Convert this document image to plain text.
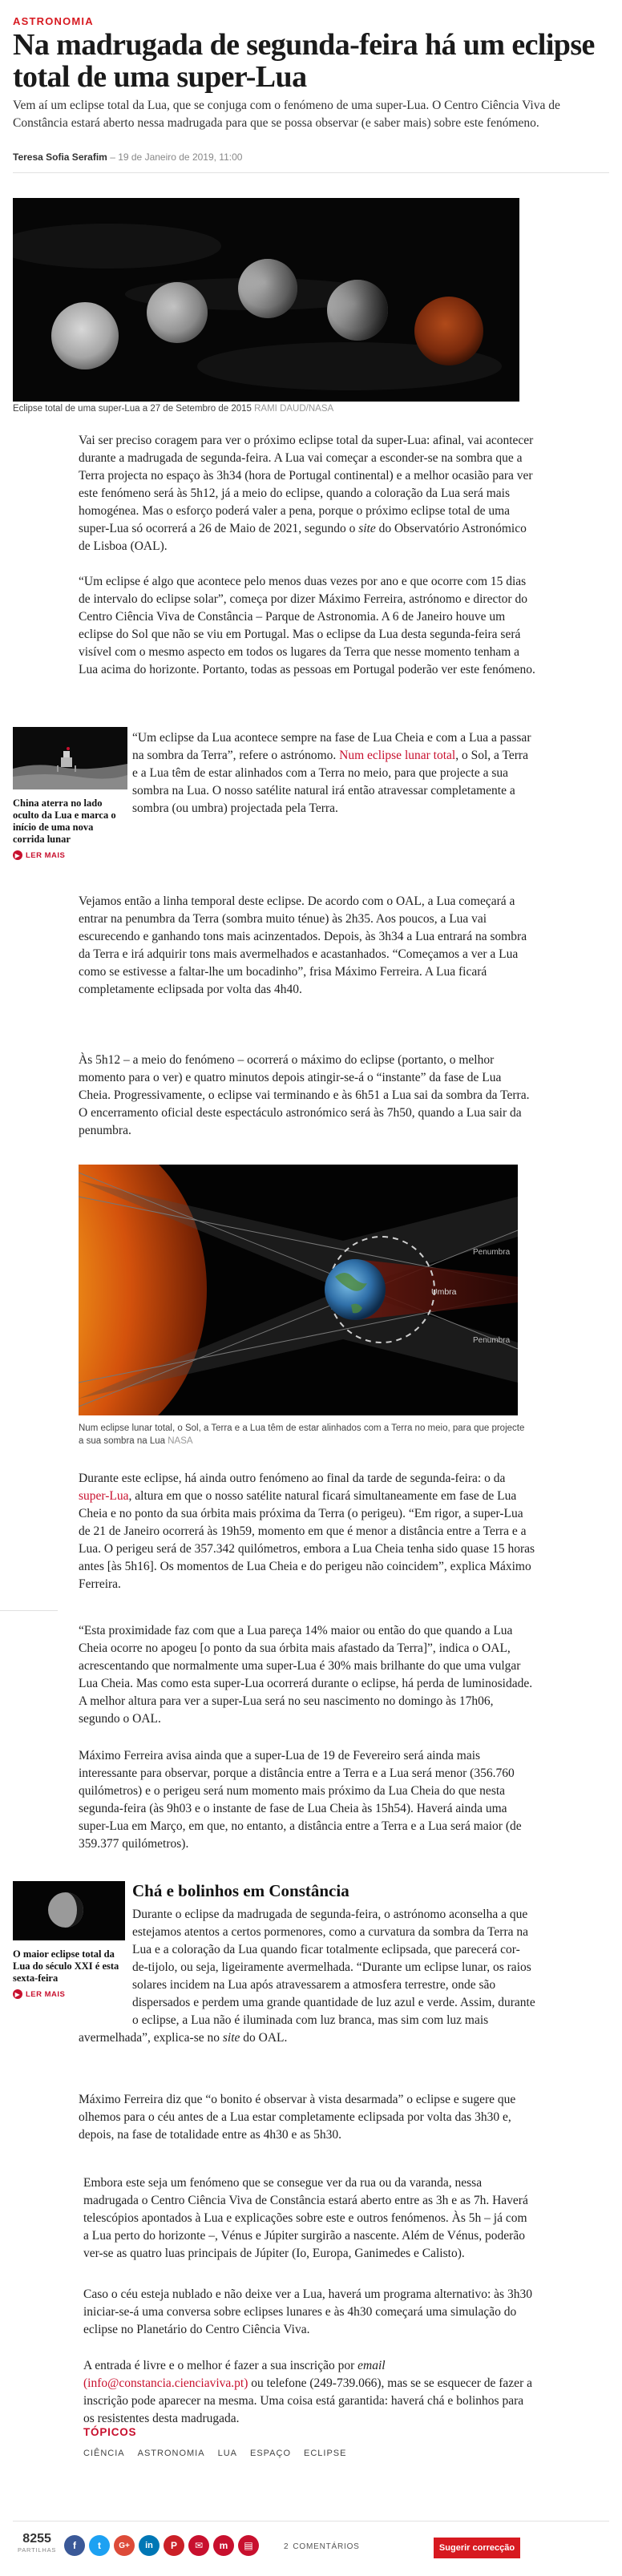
ASTRONOMIA
Na madrugada de segunda-feira há um eclipse total de uma super-Lua

Vem aí um eclipse total da Lua, que se conjuga com o fenómeno de uma super-Lua. O Centro Ciência Viva de Constância estará aberto nessa madrugada para que se possa observar (e saber mais) sobre este fenómeno.

Teresa Sofia Serafim – 19 de Janeiro de 2019, 11:00
Eclipse total de uma super-Lua a 27 de Setembro de 2015 RAMI DAUD/NASA

Vai ser preciso coragem para ver o próximo eclipse total da super-Lua: afinal, vai acontecer durante a madrugada de segunda-feira. A Lua vai começar a esconder-se na sombra que a Terra projecta no espaço às 3h34 (hora de Portugal continental) e a melhor ocasião para ver este fenómeno será às 5h12, já a meio do eclipse, quando a coloração da Lua será mais homogénea. Mas o esforço poderá valer a pena, porque o próximo eclipse total de uma super-Lua só ocorrerá a 26 de Maio de 2021, segundo o site do Observatório Astronómico de Lisboa (OAL).

“Um eclipse é algo que acontece pelo menos duas vezes por ano e que ocorre com 15 dias de intervalo do eclipse solar”, começa por dizer Máximo Ferreira, astrónomo e director do Centro Ciência Viva de Constância – Parque de Astronomia. A 6 de Janeiro houve um eclipse do Sol que não se viu em Portugal. Mas o eclipse da Lua desta segunda-feira será visível com o mesmo aspecto em todos os lugares da Terra que nesse momento tenham a Lua acima do horizonte. Portanto, todas as pessoas em Portugal poderão ver este fenómeno.

China aterra no lado oculto da Lua e marca o início de uma nova corrida lunar
▶ LER MAIS

“Um eclipse da Lua acontece sempre na fase de Lua Cheia e com a Lua a passar na sombra da Terra”, refere o astrónomo. Num eclipse lunar total, o Sol, a Terra e a Lua têm de estar alinhados com a Terra no meio, para que projecte a sua sombra na Lua. O nosso satélite natural irá então atravessar completamente a sombra (ou umbra) projectada pela Terra.

Vejamos então a linha temporal deste eclipse. De acordo com o OAL, a Lua começará a entrar na penumbra da Terra (sombra muito ténue) às 2h35. Aos poucos, a Lua vai escurecendo e ganhando tons mais acinzentados. Depois, às 3h34 a Lua entrará na sombra da Terra e irá adquirir tons mais avermelhados e acastanhados. “Começamos a ver a Lua como se estivesse a faltar-lhe um bocadinho”, frisa Máximo Ferreira. A Lua ficará completamente eclipsada por volta das 4h40.

Às 5h12 – a meio do fenómeno – ocorrerá o máximo do eclipse (portanto, o melhor momento para o ver) e quatro minutos depois atingir-se-á o “instante” da fase de Lua Cheia. Progressivamente, o eclipse vai terminando e às 6h51 a Lua sai da sombra da Terra. O encerramento oficial deste espectáculo astronómico será às 7h50, quando a Lua sair da penumbra.

Penumbra
Umbra
Penumbra
Num eclipse lunar total, o Sol, a Terra e a Lua têm de estar alinhados com a Terra no meio, para que projecte a sua sombra na Lua NASA

Durante este eclipse, há ainda outro fenómeno ao final da tarde de segunda-feira: o da super-Lua, altura em que o nosso satélite natural ficará simultaneamente em fase de Lua Cheia e no ponto da sua órbita mais próxima da Terra (o perigeu). “Em rigor, a super-Lua de 21 de Janeiro ocorrerá às 19h59, momento em que é menor a distância entre a Terra e a Lua. O perigeu será de 357.342 quilómetros, embora a Lua Cheia tenha sido quase 15 horas antes [às 5h16]. Os momentos de Lua Cheia e do perigeu não coincidem”, explica Máximo Ferreira.

“Esta proximidade faz com que a Lua pareça 14% maior ou então do que quando a Lua Cheia ocorre no apogeu [o ponto da sua órbita mais afastado da Terra]”, indica o OAL, acrescentando que normalmente uma super-Lua é 30% mais brilhante do que uma vulgar Lua Cheia. Mas como esta super-Lua ocorrerá durante o eclipse, há perda de luminosidade. A melhor altura para ver a super-Lua será no seu nascimento no domingo às 17h06, segundo o OAL.

Máximo Ferreira avisa ainda que a super-Lua de 19 de Fevereiro será ainda mais interessante para observar, porque a distância entre a Terra e a Lua será menor (356.760 quilómetros) e o perigeu será num momento mais próximo da Lua Cheia do que nesta segunda-feira (às 9h03 e o instante de fase de Lua Cheia às 15h54). Haverá ainda uma super-Lua em Março, em que, no entanto, a distância entre a Terra e a Lua será maior (de 359.377 quilómetros).

O maior eclipse total da Lua do século XXI é esta sexta-feira
▶ LER MAIS
Chá e bolinhos em Constância

Durante o eclipse da madrugada de segunda-feira, o astrónomo aconselha a que estejamos atentos a certos pormenores, como a curvatura da sombra da Terra na Lua e a coloração da Lua quando ficar totalmente eclipsada, que parecerá cor-de-tijolo, ou seja, ligeiramente avermelhada. “Durante um eclipse lunar, os raios solares incidem na Lua após atravessarem a atmosfera terrestre, onde são dispersados e perdem uma grande quantidade de luz azul e verde. Assim, durante o eclipse, a Lua não é iluminada com luz branca, mas sim com luz mais avermelhada”, explica-se no site do OAL.

Máximo Ferreira diz que “o bonito é observar à vista desarmada” o eclipse e sugere que olhemos para o céu antes de a Lua estar completamente eclipsada por volta das 3h30 e, depois, na fase de totalidade entre as 4h30 e as 5h30.

Embora este seja um fenómeno que se consegue ver da rua ou da varanda, nessa madrugada o Centro Ciência Viva de Constância estará aberto entre as 3h e as 7h. Haverá telescópios apontados à Lua e explicações sobre este e outros fenómenos. Às 5h – já com a Lua perto do horizonte –, Vénus e Júpiter surgirão a nascente. Além de Vénus, poderão ver-se as quatro luas principais de Júpiter (Io, Europa, Ganimedes e Calisto).

Caso o céu esteja nublado e não deixe ver a Lua, haverá um programa alternativo: às 3h30 iniciar-se-á uma conversa sobre eclipses lunares e às 4h30 começará uma simulação do eclipse no Planetário do Centro Ciência Viva.

A entrada é livre e o melhor é fazer a sua inscrição por email (info@constancia.cienciaviva.pt) ou telefone (249-739.066), mas se se esquecer de fazer a inscrição pode aparecer na mesma. Uma coisa está garantida: haverá chá e bolinhos para os resistentes desta madrugada.

TÓPICOS
CIÊNCIA ASTRONOMIA LUA ESPAÇO ECLIPSE
8255
PARTILHAS	f	t	G+	in	P	✉	m	▤	2 COMENTÁRIOS	Sugerir correcção
